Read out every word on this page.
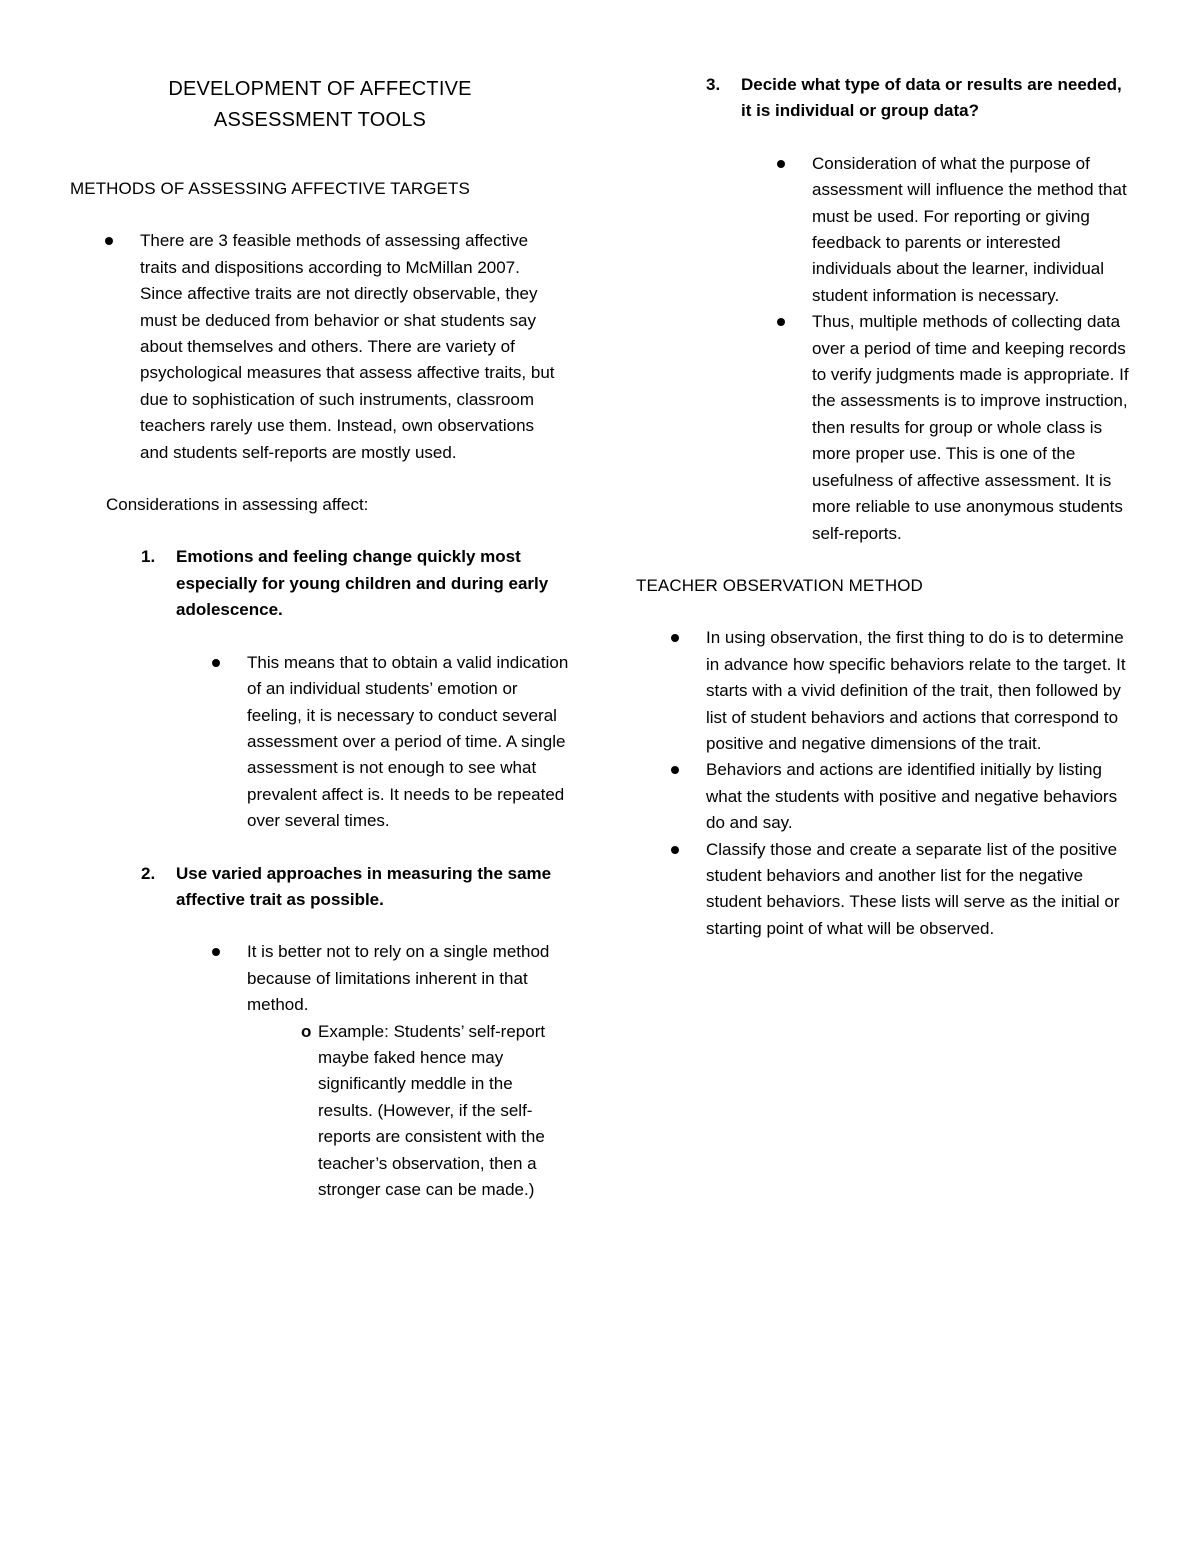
DEVELOPMENT OF AFFECTIVE
ASSESSMENT TOOLS
METHODS OF ASSESSING AFFECTIVE TARGETS
There are 3 feasible methods of assessing affective traits and dispositions according to McMillan 2007. Since affective traits are not directly observable, they must be deduced from behavior or shat students say about themselves and others. There are variety of psychological measures that assess affective traits, but due to sophistication of such instruments, classroom teachers rarely use them. Instead, own observations and students self-reports are mostly used.

Considerations in assessing affect:

1. Emotions and feeling change quickly most especially for young children and during early adolescence.
This means that to obtain a valid indication of an individual students’ emotion or feeling, it is necessary to conduct several assessment over a period of time. A single assessment is not enough to see what prevalent affect is. It needs to be repeated over several times.
2. Use varied approaches in measuring the same affective trait as possible.
It is better not to rely on a single method because of limitations inherent in that method.
o Example: Students’ self-report maybe faked hence may significantly meddle in the results. (However, if the self-reports are consistent with the teacher’s observation, then a stronger case can be made.)
3. Decide what type of data or results are needed, it is individual or group data?
Consideration of what the purpose of assessment will influence the method that must be used. For reporting or giving feedback to parents or interested individuals about the learner, individual student information is necessary.
Thus, multiple methods of collecting data over a period of time and keeping records to verify judgments made is appropriate. If the assessments is to improve instruction, then results for group or whole class is more proper use. This is one of the usefulness of affective assessment. It is more reliable to use anonymous students self-reports.
TEACHER OBSERVATION METHOD
In using observation, the first thing to do is to determine in advance how specific behaviors relate to the target. It starts with a vivid definition of the trait, then followed by list of student behaviors and actions that correspond to positive and negative dimensions of the trait.
Behaviors and actions are identified initially by listing what the students with positive and negative behaviors do and say.
Classify those and create a separate list of the positive student behaviors and another list for the negative student behaviors. These lists will serve as the initial or starting point of what will be observed.
